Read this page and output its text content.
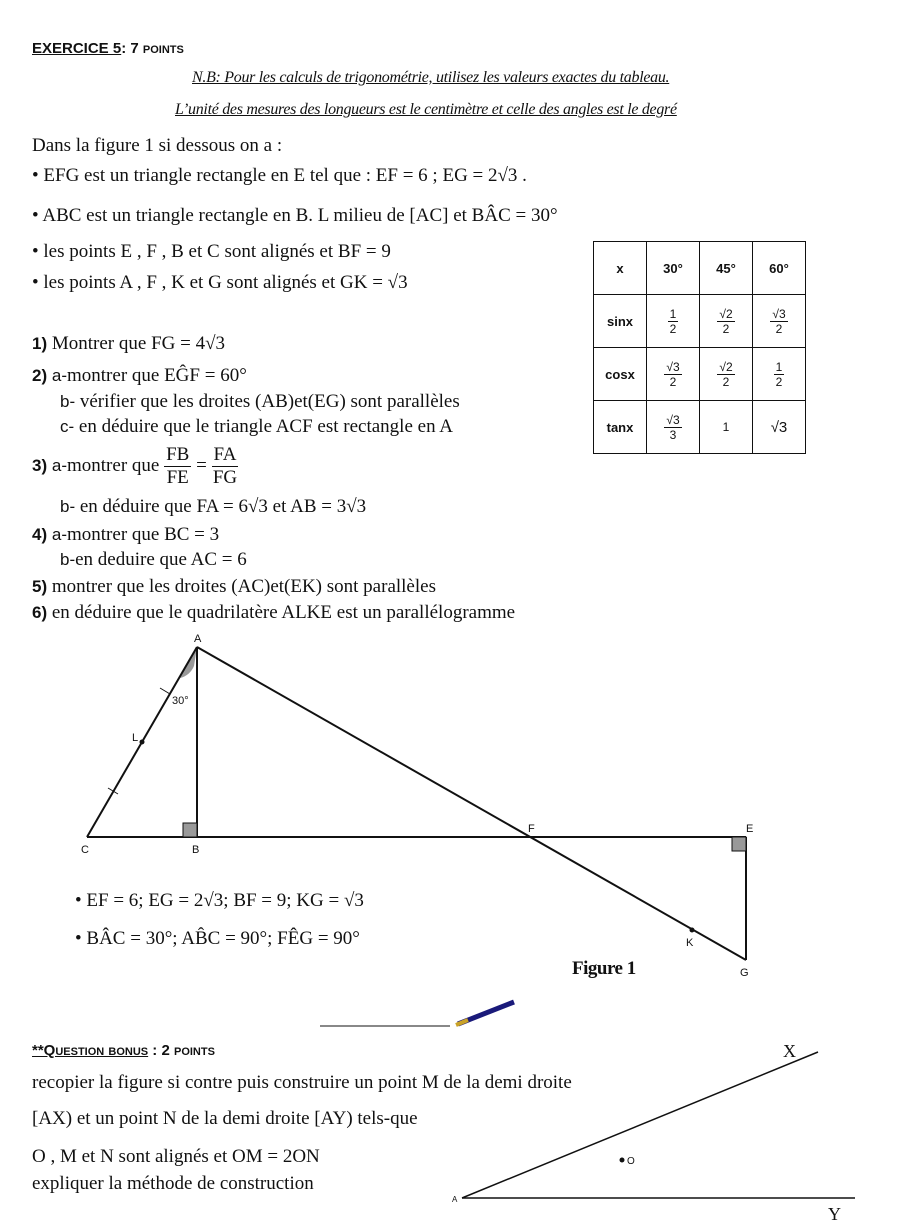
EXERCICE 5: 7 points
N.B: Pour les calculs de trigonométrie, utilisez les valeurs exactes du tableau.
L’unité des mesures des longueurs est le centimètre et celle des angles est le degré
Dans la figure 1 si dessous on a :
• EFG est un triangle rectangle en E tel que : EF = 6 ; EG = 2√3 .
• ABC est un triangle rectangle en B. L milieu de [AC] et BÂC = 30°
• les points E , F , B et C sont alignés et BF = 9
• les points A , F , K et G sont alignés et GK = √3
1) Montrer que FG = 4√3
2) a-montrer que EĜF = 60°
b- vérifier que les droites (AB)et(EG) sont parallèles
c- en déduire que le triangle ACF est rectangle en A
3) a-montrer que $\frac{FB}{FE} = \frac{FA}{FG}$
b- en déduire que FA = 6√3 et AB = 3√3
4) a-montrer que BC = 3
b-en deduire que AC = 6
5) montrer que les droites (AC)et(EK) sont parallèles
6) en déduire que le quadrilatère ALKE est un parallélogramme
x	30°	45°	60°
sinx	$\frac{1}{2}$	$\frac{√2}{2}$	$\frac{√3}{2}$

cosx	$\frac{√3}{2}$	$\frac{√2}{2}$	$\frac{1}{2}$

tanx	$\frac{√3}{3}$	1	√3
A
30°
L
C	B
F	E
K
G
X
Y
A
O
• EF = 6; EG = 2√3; BF = 9; KG = √3
• BÂC = 30°; AB̂C = 90°; FÊG = 90°
Figure 1
**Question bonus : 2 points
recopier la figure si contre puis construire un point M de la demi droite
[AX) et un point N de la demi droite [AY) tels-que
O , M et N sont alignés et OM = 2ON
expliquer la méthode de construction
